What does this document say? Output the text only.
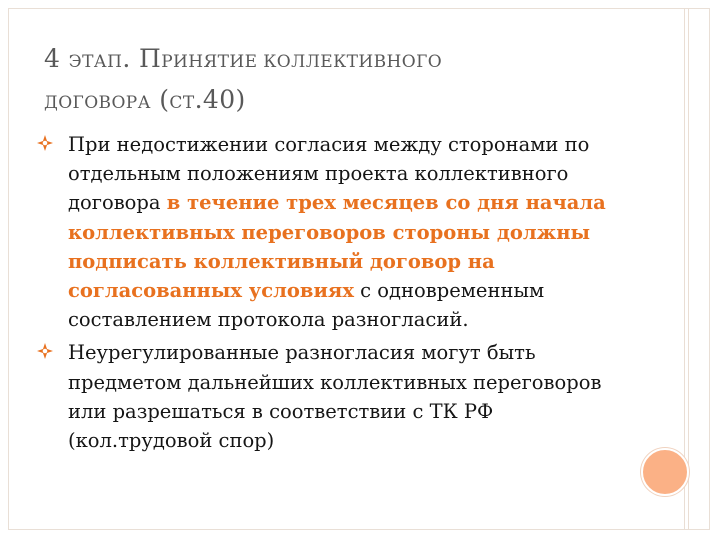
4 ЭТАП. ПРИНЯТИЕ КОЛЛЕКТИВНОГО
ДОГОВОРА (СТ.40)
При недостижении согласия между сторонами по отдельным положениям проекта коллективного договора в течение трех месяцев со дня начала коллективных переговоров стороны должны подписать коллективный договор на согласованных условиях с одновременным составлением протокола разногласий.
Неурегулированные разногласия могут быть предметом дальнейших коллективных переговоров или разрешаться в соответствии с ТК РФ (кол.трудовой спор)
